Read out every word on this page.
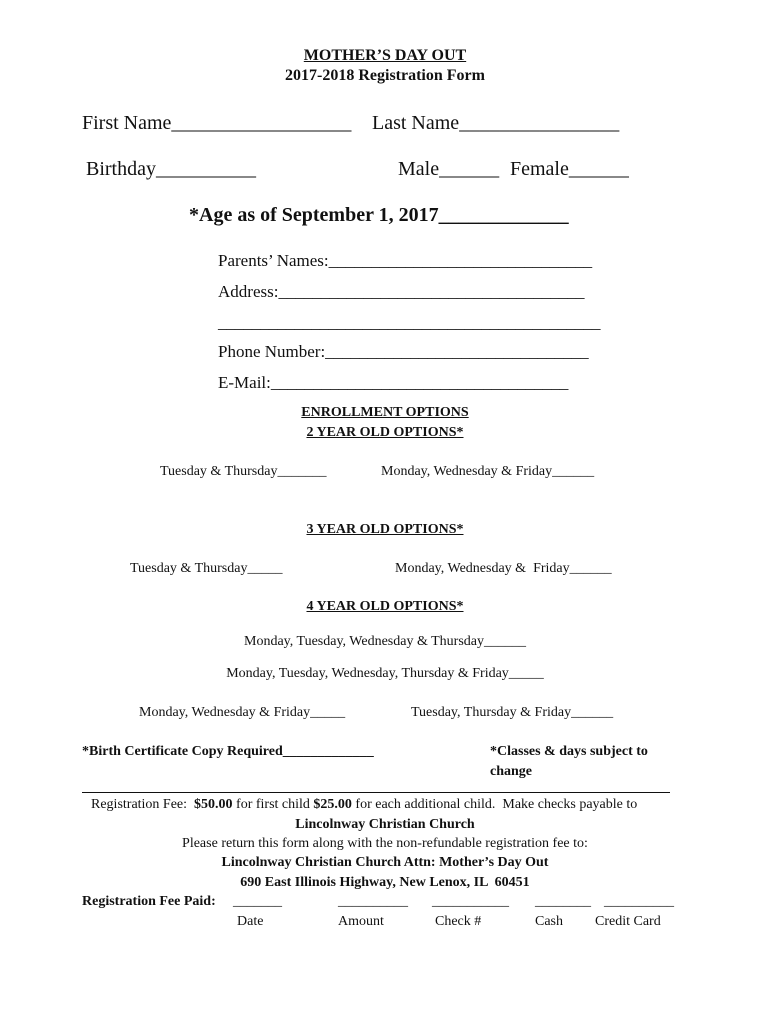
MOTHER’S DAY OUT
2017-2018 Registration Form
First Name__________________ Last Name________________
Birthday__________	Male______ Female______
*Age as of September 1, 2017_____________
Parents’ Names:_______________________________
Address:____________________________________
_____________________________________________
Phone Number:_______________________________
E-Mail:___________________________________
ENROLLMENT OPTIONS
2 YEAR OLD OPTIONS*
Tuesday & Thursday_______	Monday, Wednesday & Friday______
3 YEAR OLD OPTIONS*
Tuesday & Thursday_____	Monday, Wednesday &  Friday______
4 YEAR OLD OPTIONS*
Monday, Tuesday, Wednesday & Thursday______
Monday, Tuesday, Wednesday, Thursday & Friday_____
Monday, Wednesday & Friday_____	Tuesday, Thursday & Friday______
*Birth Certificate Copy Required_____________	*Classes & days subject to
change
Registration Fee:  $50.00 for first child $25.00 for each additional child.  Make checks payable to
Lincolnway Christian Church
Please return this form along with the non-refundable registration fee to:
Lincolnway Christian Church Attn: Mother’s Day Out
690 East Illinois Highway, New Lenox, IL  60451
Registration Fee Paid: _______	__________ ___________ ________ __________
Date	Amount	Check #	Cash Credit Card
